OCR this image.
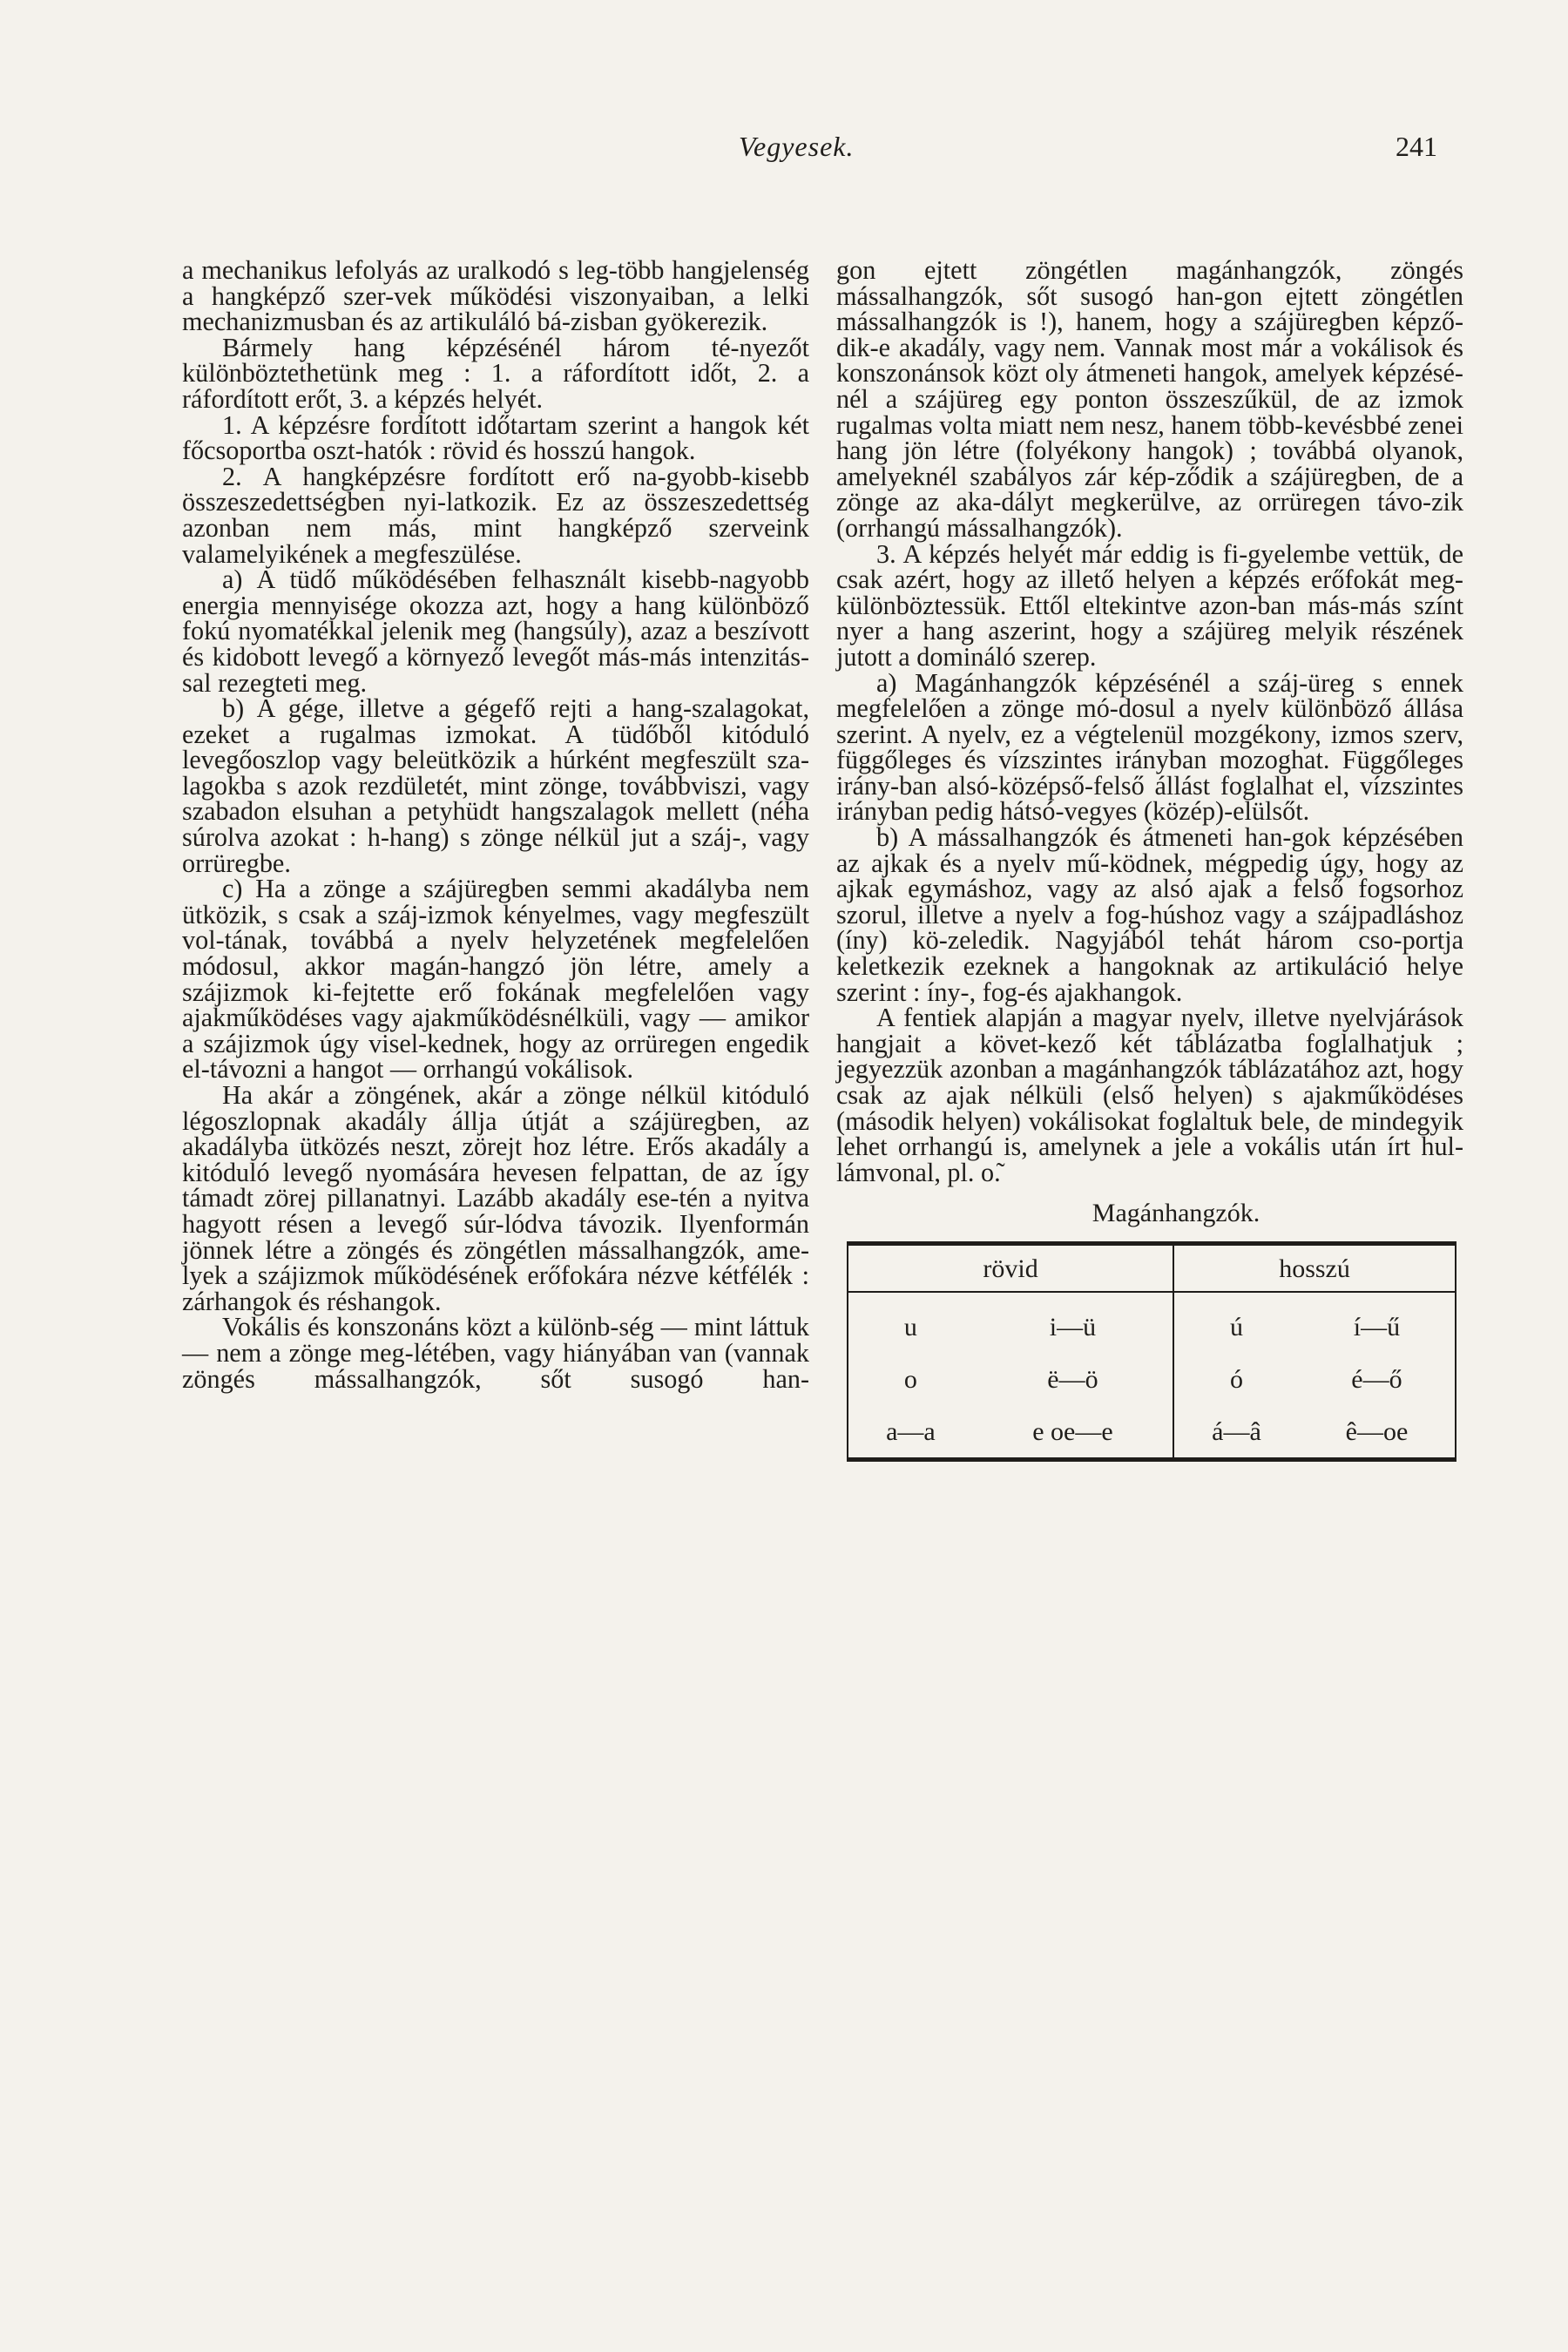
Vegyesek.	241

a mechanikus lefolyás az uralkodó s leg-több hangjelenség a hangképző szer-vek működési viszonyaiban, a lelki mechanizmusban és az artikuláló bá-zisban gyökerezik.

Bármely hang képzésénél három té-nyezőt különböztethetünk meg : 1. a ráfordított időt, 2. a ráfordított erőt, 3. a képzés helyét.

1. A képzésre fordított időtartam szerint a hangok két főcsoportba oszt-hatók : rövid és hosszú hangok.

2. A hangképzésre fordított erő na-gyobb-kisebb összeszedettségben nyi-latkozik. Ez az összeszedettség azonban nem más, mint hangképző szerveink valamelyikének a megfeszülése.

a) A tüdő működésében felhasznált kisebb-nagyobb energia mennyisége okozza azt, hogy a hang különböző fokú nyomatékkal jelenik meg (hangsúly), azaz a beszívott és kidobott levegő a környező levegőt más-más intenzitás-sal rezegteti meg.

b) A gége, illetve a gégefő rejti a hang-szalagokat, ezeket a rugalmas izmokat. A tüdőből kitóduló levegőoszlop vagy beleütközik a húrként megfeszült sza-lagokba s azok rezdületét, mint zönge, továbbviszi, vagy szabadon elsuhan a petyhüdt hangszalagok mellett (néha súrolva azokat : h-hang) s zönge nélkül jut a száj-, vagy orrüregbe.

c) Ha a zönge a szájüregben semmi akadályba nem ütközik, s csak a száj-izmok kényelmes, vagy megfeszült vol-tának, továbbá a nyelv helyzetének megfelelően módosul, akkor magán-hangzó jön létre, amely a szájizmok ki-fejtette erő fokának megfelelően vagy ajakműködéses vagy ajakműködésnélküli, vagy — amikor a szájizmok úgy visel-kednek, hogy az orrüregen engedik el-távozni a hangot — orrhangú vokálisok.

Ha akár a zöngének, akár a zönge nélkül kitóduló légoszlopnak akadály állja útját a szájüregben, az akadályba ütközés neszt, zörejt hoz létre. Erős akadály a kitóduló levegő nyomására hevesen felpattan, de az így támadt zörej pillanatnyi. Lazább akadály ese-tén a nyitva hagyott résen a levegő súr-lódva távozik. Ilyenformán jönnek létre a zöngés és zöngétlen mássalhangzók, ame-lyek a szájizmok működésének erőfokára nézve kétfélék : zárhangok és réshangok.

Vokális és konszonáns közt a különb-ség — mint láttuk — nem a zönge meg-létében, vagy hiányában van (vannak zöngés mássalhangzók, sőt susogó han-

gon ejtett zöngétlen magánhangzók, zöngés mássalhangzók, sőt susogó han-gon ejtett zöngétlen mássalhangzók is !), hanem, hogy a szájüregben képző-dik-e akadály, vagy nem. Vannak most már a vokálisok és konszonánsok közt oly átmeneti hangok, amelyek képzésé-nél a szájüreg egy ponton összeszűkül, de az izmok rugalmas volta miatt nem nesz, hanem több-kevésbbé zenei hang jön létre (folyékony hangok) ; továbbá olyanok, amelyeknél szabályos zár kép-ződik a szájüregben, de a zönge az aka-dályt megkerülve, az orrüregen távo-zik (orrhangú mássalhangzók).

3. A képzés helyét már eddig is fi-gyelembe vettük, de csak azért, hogy az illető helyen a képzés erőfokát meg-különböztessük. Ettől eltekintve azon-ban más-más színt nyer a hang aszerint, hogy a szájüreg melyik részének jutott a domináló szerep.

a) Magánhangzók képzésénél a száj-üreg s ennek megfelelően a zönge mó-dosul a nyelv különböző állása szerint. A nyelv, ez a végtelenül mozgékony, izmos szerv, függőleges és vízszintes irányban mozoghat. Függőleges irány-ban alsó-középső-felső állást foglalhat el, vízszintes irányban pedig hátsó-vegyes (közép)-elülsőt.

b) A mássalhangzók és átmeneti han-gok képzésében az ajkak és a nyelv mű-ködnek, mégpedig úgy, hogy az ajkak egymáshoz, vagy az alsó ajak a felső fogsorhoz szorul, illetve a nyelv a fog-húshoz vagy a szájpadláshoz (íny) kö-zeledik. Nagyjából tehát három cso-portja keletkezik ezeknek a hangoknak az artikuláció helye szerint : íny-, fog-és ajakhangok.

A fentiek alapján a magyar nyelv, illetve nyelvjárások hangjait a követ-kező két táblázatba foglalhatjuk ; jegyezzük azonban a magánhangzók táblázatához azt, hogy csak az ajak nélküli (első helyen) s ajakműködéses (második helyen) vokálisokat foglaltuk bele, de mindegyik lehet orrhangú is, amelynek a jele a vokális után írt hul-lámvonal, pl. o.͂

Magánhangzók.
rövid		hosszú	
u	i—ü	ú	í—ű
o	ë—ö	ó	é—ő
a—a	e oe—e	á—â	ê—oe
